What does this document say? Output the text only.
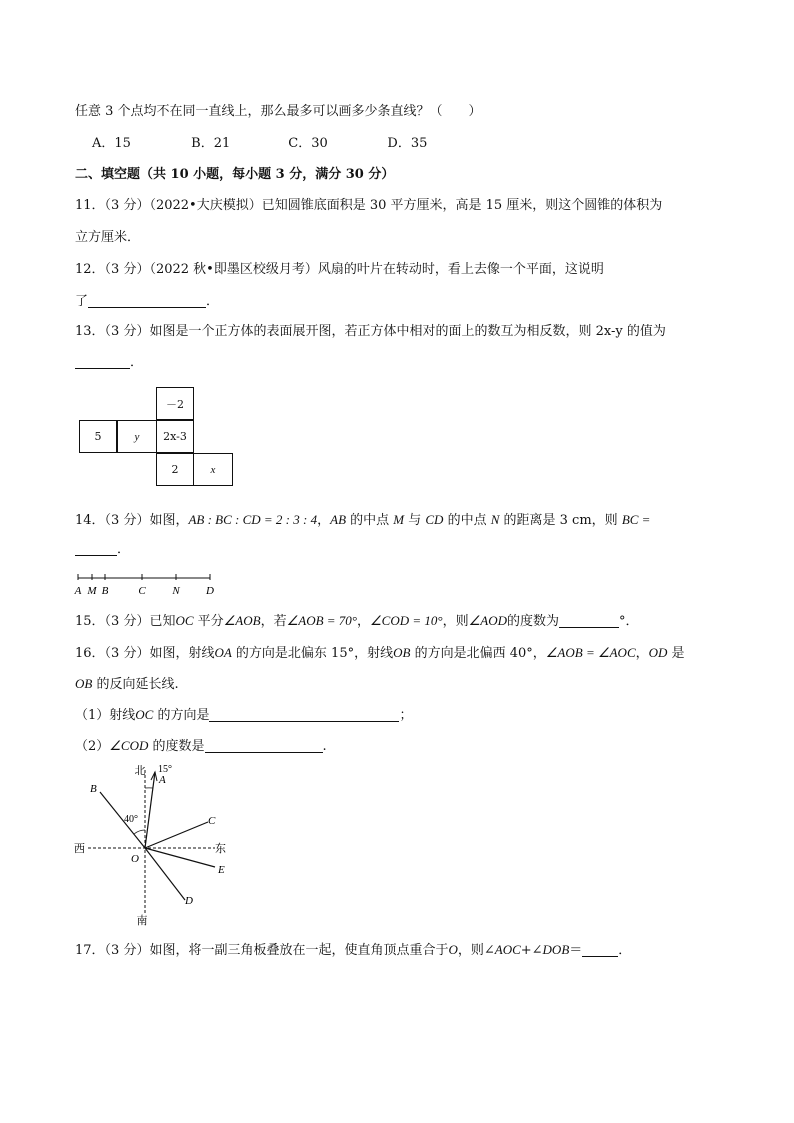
任意 3 个点均不在同一直线上，那么最多可以画多少条直线？（　　）
A．15	B．21	C．30	D．35
二、填空题（共 10 小题，每小题 3 分，满分 30 分）
11．（3 分）（2022•大庆模拟）已知圆锥底面积是 30 平方厘米，高是 15 厘米，则这个圆锥的体积为
立方厘米．
12．（3 分）（2022 秋•即墨区校级月考）风扇的叶片在转动时，看上去像一个平面，这说明
了	．
13．（3 分）如图是一个正方体的表面展开图，若正方体中相对的面上的数互为相反数，则 2x-y 的值为
．
－2
5	y	2x-3
2	x
14．（3 分）如图，AB : BC : CD = 2 : 3 : 4，AB 的中点 M 与 CD 的中点 N 的距离是 3 cm，则 BC =
．
A M B	C N D
15．（3 分）已知OC 平分∠AOB，若∠AOB = 70°，∠COD = 10°，则∠AOD的度数为	°．
16．（3 分）如图，射线OA 的方向是北偏东 15°，射线OB 的方向是北偏西 40°，∠AOB = ∠AOC，OD 是
OB 的反向延长线.
（1）射线OC 的方向是	；
（2）∠COD 的度数是	.
北 15°
A
B
40°	C
西	东
O
E
D
南
17．（3 分）如图，将一副三角板叠放在一起，使直角顶点重合于O，则∠AOC+∠DOB＝	．
